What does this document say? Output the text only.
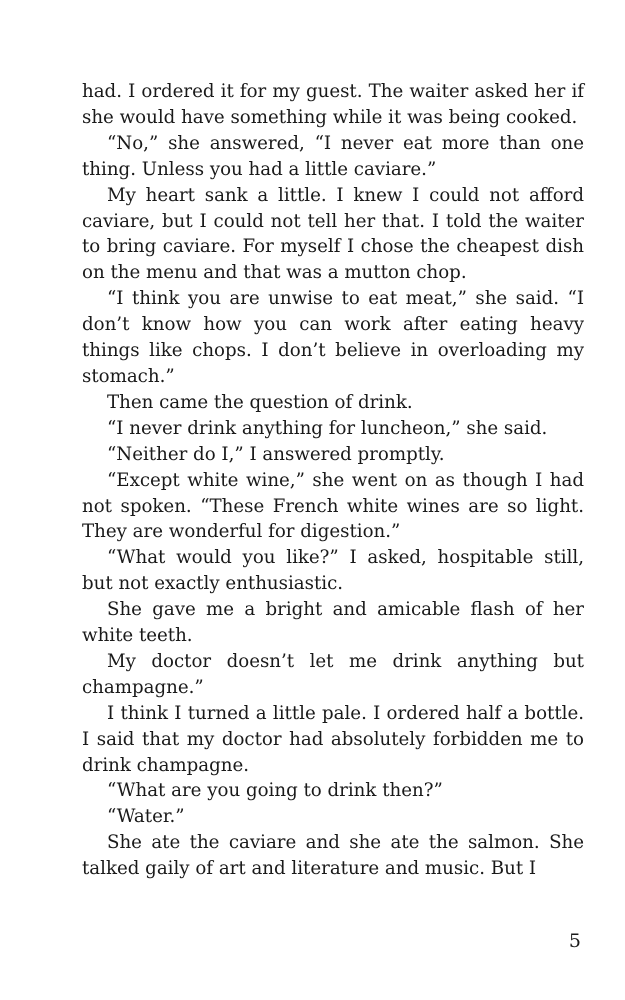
had. I ordered it for my guest. The waiter asked her if she would have something while it was being cooked.

“No,” she answered, “I never eat more than one thing. Unless you had a little caviare.”

My heart sank a little. I knew I could not afford caviare, but I could not tell her that. I told the waiter to bring caviare. For myself I chose the cheapest dish on the menu and that was a mutton chop.

“I think you are unwise to eat meat,” she said. “I don’t know how you can work after eating heavy things like chops. I don’t believe in overloading my stomach.”

Then came the question of drink.

“I never drink anything for luncheon,” she said.

“Neither do I,” I answered promptly.

“Except white wine,” she went on as though I had not spoken. “These French white wines are so light. They are wonderful for digestion.”

“What would you like?” I asked, hospitable still, but not exactly enthusiastic.

She gave me a bright and amicable flash of her white teeth.

My doctor doesn’t let me drink anything but champagne.”

I think I turned a little pale. I ordered half a bottle. I said that my doctor had absolutely forbidden me to drink champagne.

“What are you going to drink then?”

“Water.”

She ate the caviare and she ate the salmon. She talked gaily of art and literature and music. But I

5
